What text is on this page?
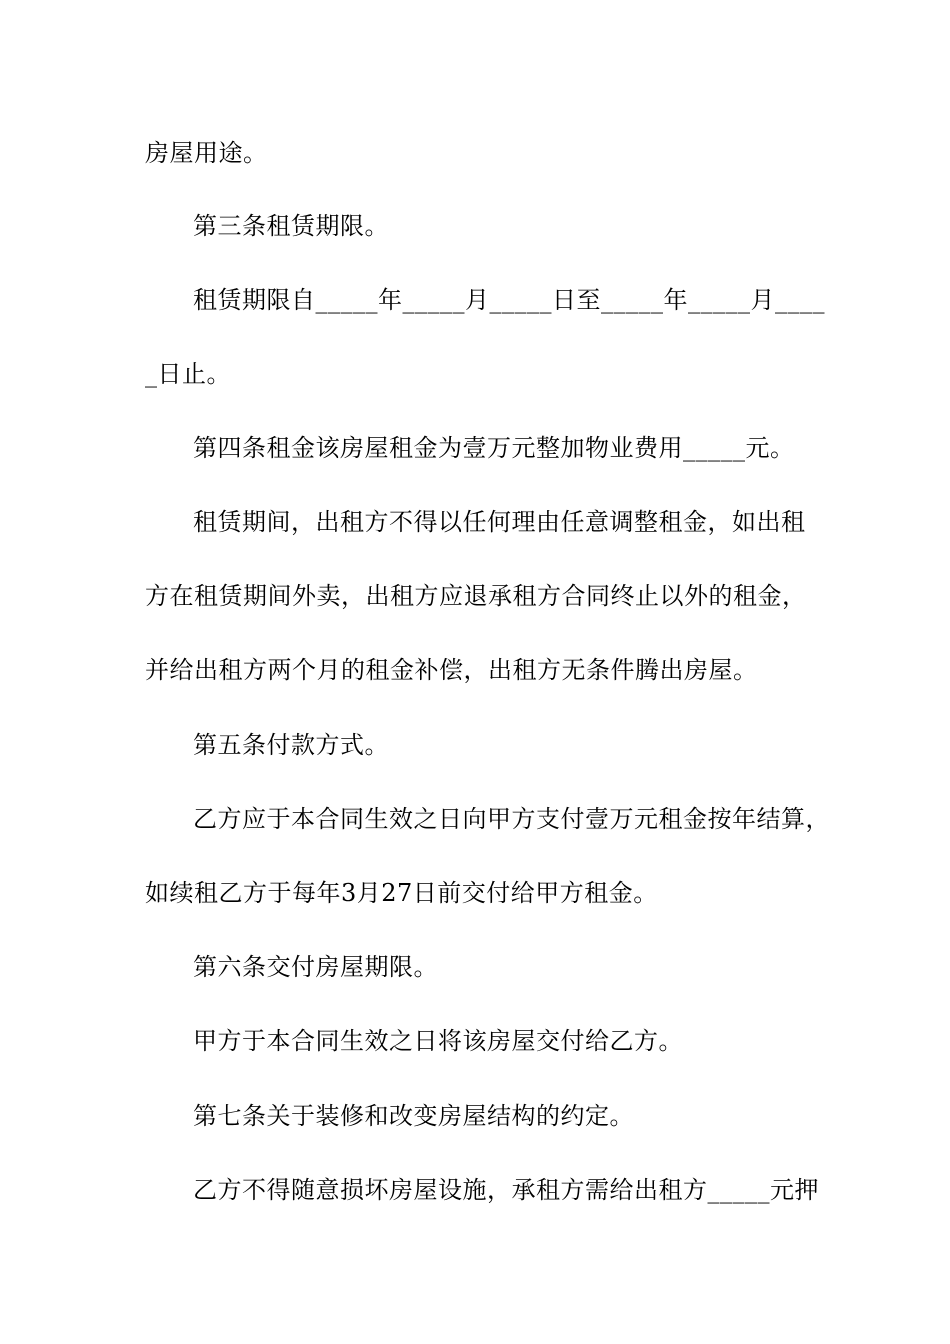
房屋用途。
第三条租赁期限。
租赁期限自_____年_____月_____日至_____年_____月____
_日止。
第四条租金该房屋租金为壹万元整加物业费用_____元。
租赁期间，出租方不得以任何理由任意调整租金，如出租
方在租赁期间外卖，出租方应退承租方合同终止以外的租金，
并给出租方两个月的租金补偿，出租方无条件腾出房屋。
第五条付款方式。
乙方应于本合同生效之日向甲方支付壹万元租金按年结算，
如续租乙方于每年3月27日前交付给甲方租金。
第六条交付房屋期限。
甲方于本合同生效之日将该房屋交付给乙方。
第七条关于装修和改变房屋结构的约定。
乙方不得随意损坏房屋设施，承租方需给出租方_____元押
